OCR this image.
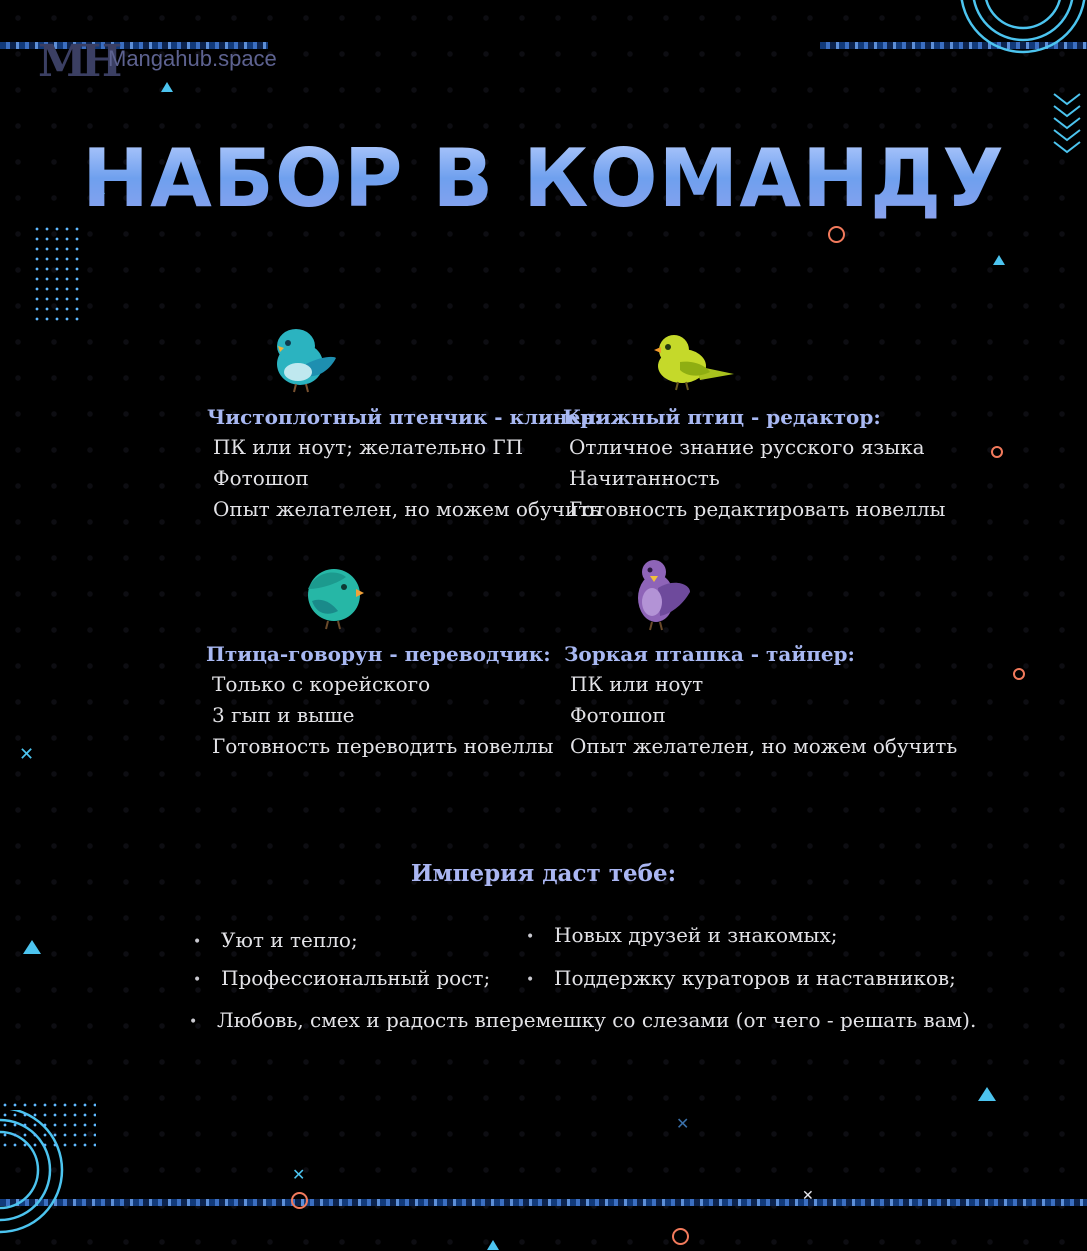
MH
Mangahub.space
✕
✕
✕
✕
НАБОР В КОМАНДУ
Чистоплотный птенчик - клинер:
ПК или ноут; желательно ГП
Фотошоп
Опыт желателен, но можем обучить
Книжный птиц - редактор:
Отличное знание русского языка
Начитанность
Готовность редактировать новеллы
Птица-говорун - переводчик:
Только с корейского
3 гып и выше
Готовность переводить новеллы
Зоркая пташка - тайпер:
ПК или ноут
Фотошоп
Опыт желателен, но можем обучить
Империя даст тебе:
• Уют и тепло;	• Новых друзей и знакомых;
• Профессиональный рост;	• Поддержку кураторов и наставников;
• Любовь, смех и радость вперемешку со слезами (от чего - решать вам).
